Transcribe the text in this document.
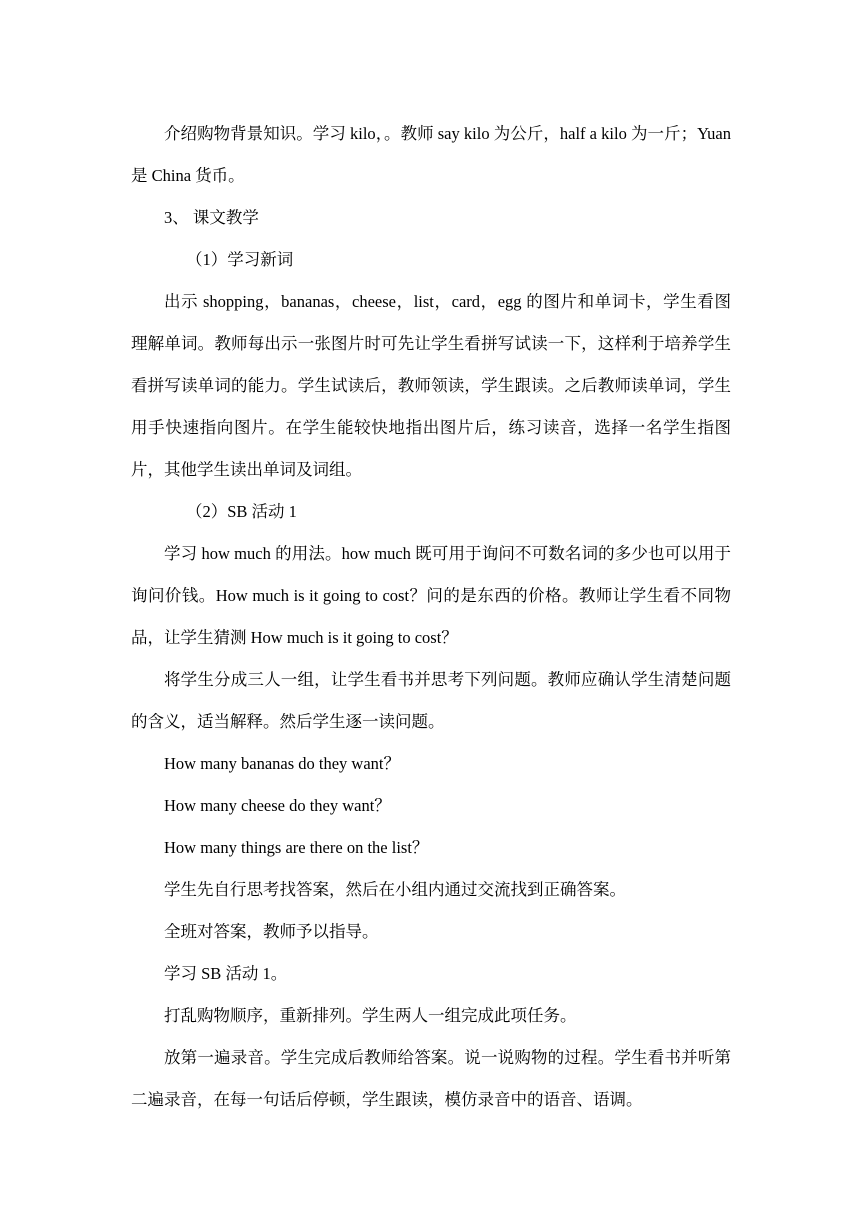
介绍购物背景知识。学习 kilo，。教师 say kilo 为公斤，half a kilo 为一斤；Yuan 是 China 货币。

3、 课文教学

（1）学习新词

出示 shopping，bananas，cheese，list，card，egg 的图片和单词卡，学生看图理解单词。教师每出示一张图片时可先让学生看拼写试读一下，这样利于培养学生看拼写读单词的能力。学生试读后，教师领读，学生跟读。之后教师读单词，学生用手快速指向图片。在学生能较快地指出图片后，练习读音，选择一名学生指图片，其他学生读出单词及词组。

（2）SB 活动 1

学习 how much 的用法。how much 既可用于询问不可数名词的多少也可以用于询问价钱。How much is it going to cost？问的是东西的价格。教师让学生看不同物品，让学生猜测 How much is it going to cost？

将学生分成三人一组，让学生看书并思考下列问题。教师应确认学生清楚问题的含义，适当解释。然后学生逐一读问题。

How many bananas do they want？

How many cheese do they want？

How many things are there on the list？

学生先自行思考找答案，然后在小组内通过交流找到正确答案。

全班对答案，教师予以指导。

学习 SB 活动 1。

打乱购物顺序，重新排列。学生两人一组完成此项任务。

放第一遍录音。学生完成后教师给答案。说一说购物的过程。学生看书并听第二遍录音，在每一句话后停顿，学生跟读，模仿录音中的语音、语调。
